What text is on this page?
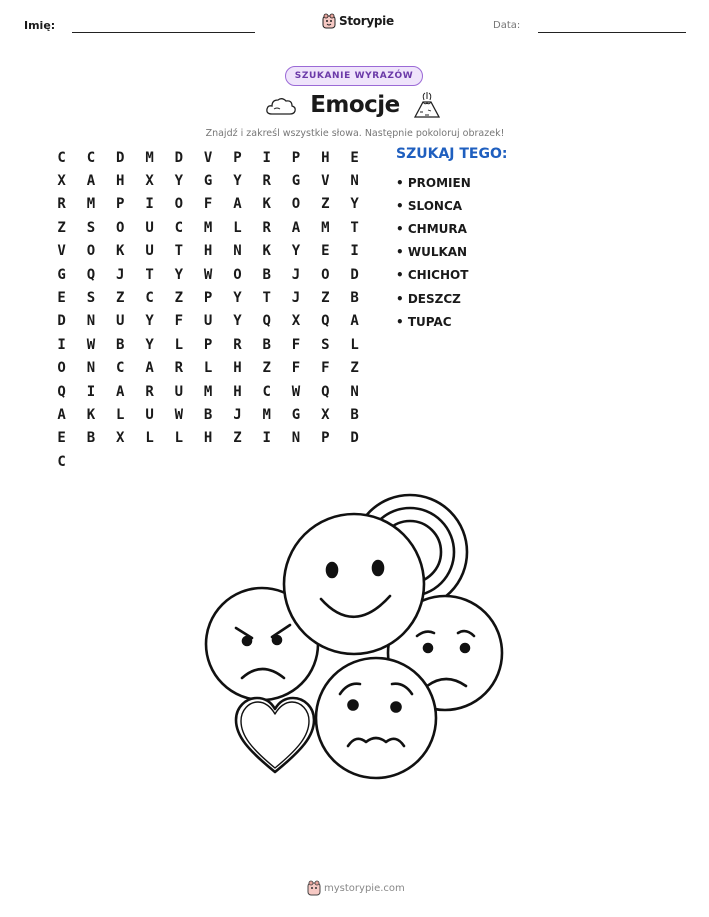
Imię:	Storypie	Data:
SZUKANIE WYRAZÓW
Emocje
Znajdź i zakreśl wszystkie słowa. Następnie pokoloruj obrazek!
C	C	D	M	D	V	P	I	P	H	E
X	A	H	X	Y	G	Y	R	G	V	N
R	M	P	I	O	F	A	K	O	Z	Y
Z	S	O	U	C	M	L	R	A	M	T
V	O	K	U	T	H	N	K	Y	E	I
G	Q	J	T	Y	W	O	B	J	O	D
E	S	Z	C	Z	P	Y	T	J	Z	B
D	N	U	Y	F	U	Y	Q	X	Q	A
I	W	B	Y	L	P	R	B	F	S	L
O	N	C	A	R	L	H	Z	F	F	Z
Q	I	A	R	U	M	H	C	W	Q	N
A	K	L	U	W	B	J	M	G	X	B
E	B	X	L	L	H	Z	I	N	P	D
C
SZUKAJ TEGO:
• PROMIEN
• SLONCA
• CHMURA
• WULKAN
• CHICHOT
• DESZCZ
• TUPAC
mystorypie.com
